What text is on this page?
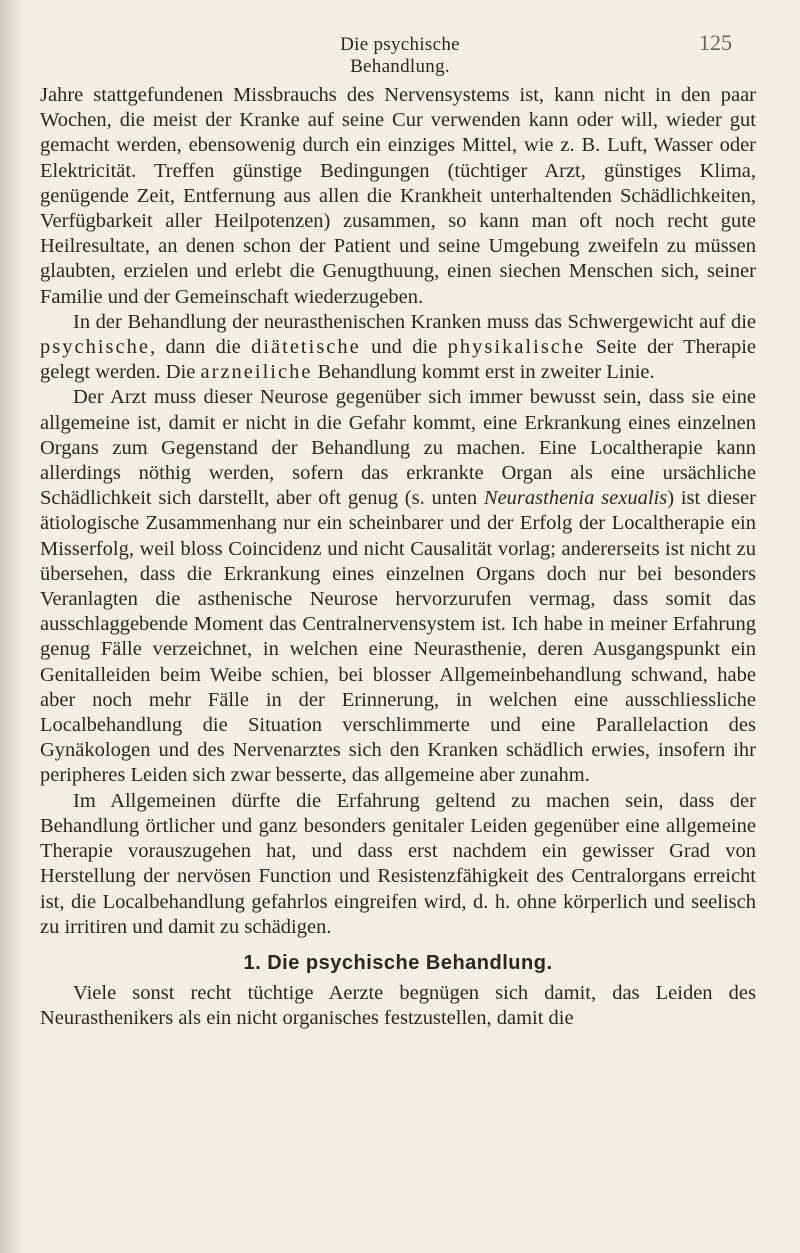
Die psychische Behandlung.
125

Jahre stattgefundenen Missbrauchs des Nervensystems ist, kann nicht in den paar Wochen, die meist der Kranke auf seine Cur verwenden kann oder will, wieder gut gemacht werden, ebensowenig durch ein einziges Mittel, wie z. B. Luft, Wasser oder Elektricität. Treffen günstige Bedingungen (tüchtiger Arzt, günstiges Klima, genügende Zeit, Entfernung aus allen die Krankheit unterhaltenden Schädlichkeiten, Verfügbarkeit aller Heilpotenzen) zusammen, so kann man oft noch recht gute Heilresultate, an denen schon der Patient und seine Umgebung zweifeln zu müssen glaubten, erzielen und erlebt die Genugthuung, einen siechen Menschen sich, seiner Familie und der Gemeinschaft wiederzugeben.

In der Behandlung der neurasthenischen Kranken muss das Schwergewicht auf die psychische, dann die diätetische und die physikalische Seite der Therapie gelegt werden. Die arzneiliche Behandlung kommt erst in zweiter Linie.

Der Arzt muss dieser Neurose gegenüber sich immer bewusst sein, dass sie eine allgemeine ist, damit er nicht in die Gefahr kommt, eine Erkrankung eines einzelnen Organs zum Gegenstand der Behandlung zu machen. Eine Localtherapie kann allerdings nöthig werden, sofern das erkrankte Organ als eine ursächliche Schädlichkeit sich darstellt, aber oft genug (s. unten Neurasthenia sexualis) ist dieser ätiologische Zusammenhang nur ein scheinbarer und der Erfolg der Localtherapie ein Misserfolg, weil bloss Coincidenz und nicht Causalität vorlag; andererseits ist nicht zu übersehen, dass die Erkrankung eines einzelnen Organs doch nur bei besonders Veranlagten die asthenische Neurose hervorzurufen vermag, dass somit das ausschlaggebende Moment das Centralnervensystem ist. Ich habe in meiner Erfahrung genug Fälle verzeichnet, in welchen eine Neurasthenie, deren Ausgangspunkt ein Genitalleiden beim Weibe schien, bei blosser Allgemeinbehandlung schwand, habe aber noch mehr Fälle in der Erinnerung, in welchen eine ausschliessliche Localbehandlung die Situation verschlimmerte und eine Parallelaction des Gynäkologen und des Nervenarztes sich den Kranken schädlich erwies, insofern ihr peripheres Leiden sich zwar besserte, das allgemeine aber zunahm.

Im Allgemeinen dürfte die Erfahrung geltend zu machen sein, dass der Behandlung örtlicher und ganz besonders genitaler Leiden gegenüber eine allgemeine Therapie vorauszugehen hat, und dass erst nachdem ein gewisser Grad von Herstellung der nervösen Function und Resistenzfähigkeit des Centralorgans erreicht ist, die Localbehandlung gefahrlos eingreifen wird, d. h. ohne körperlich und seelisch zu irritiren und damit zu schädigen.

1. Die psychische Behandlung.

Viele sonst recht tüchtige Aerzte begnügen sich damit, das Leiden des Neurasthenikers als ein nicht organisches festzustellen, damit die
